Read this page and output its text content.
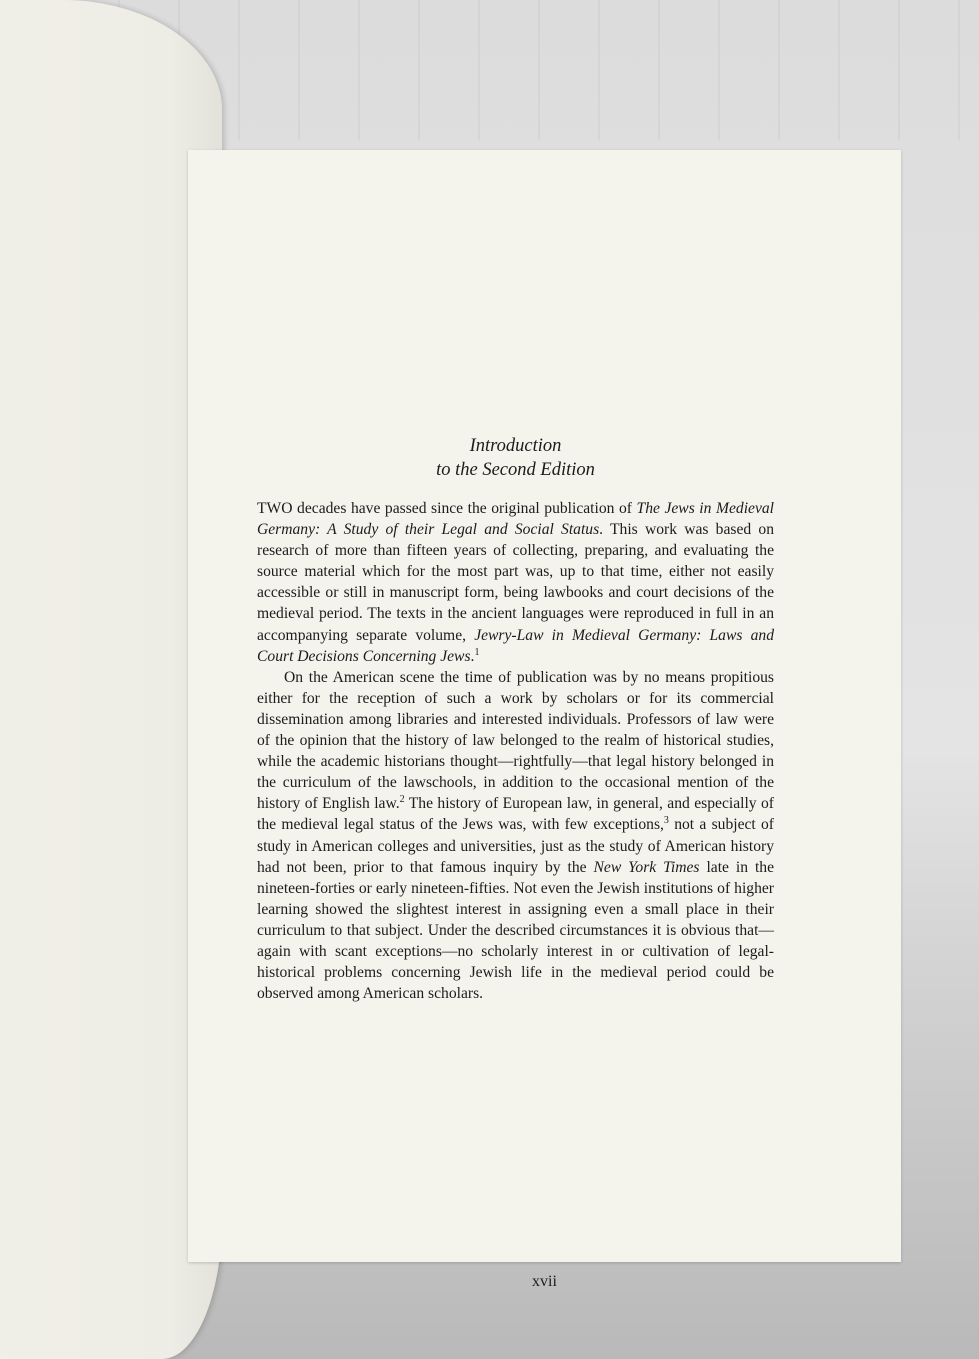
Introduction
to the Second Edition

TWO decades have passed since the original publication of The Jews in Medieval Germany: A Study of their Legal and Social Status. This work was based on research of more than fifteen years of collecting, preparing, and evaluating the source material which for the most part was, up to that time, either not easily accessible or still in manuscript form, being lawbooks and court decisions of the medieval period. The texts in the ancient languages were reproduced in full in an accompanying separate volume, Jewry-Law in Medieval Germany: Laws and Court Decisions Concerning Jews.$^1$

On the American scene the time of publication was by no means propitious either for the reception of such a work by scholars or for its commercial dissemination among libraries and interested individuals. Professors of law were of the opinion that the history of law belonged to the realm of historical studies, while the academic historians thought—rightfully—that legal history belonged in the curriculum of the lawschools, in addition to the occasional mention of the history of English law.$^2$ The history of European law, in general, and especially of the medieval legal status of the Jews was, with few exceptions,$^3$ not a subject of study in American colleges and universities, just as the study of American history had not been, prior to that famous inquiry by the New York Times late in the nineteen-forties or early nineteen-fifties. Not even the Jewish institutions of higher learning showed the slightest interest in assigning even a small place in their curriculum to that subject. Under the described circumstances it is obvious that—again with scant exceptions—no scholarly interest in or cultivation of legal-historical problems concerning Jewish life in the medieval period could be observed among American scholars.

xvii
